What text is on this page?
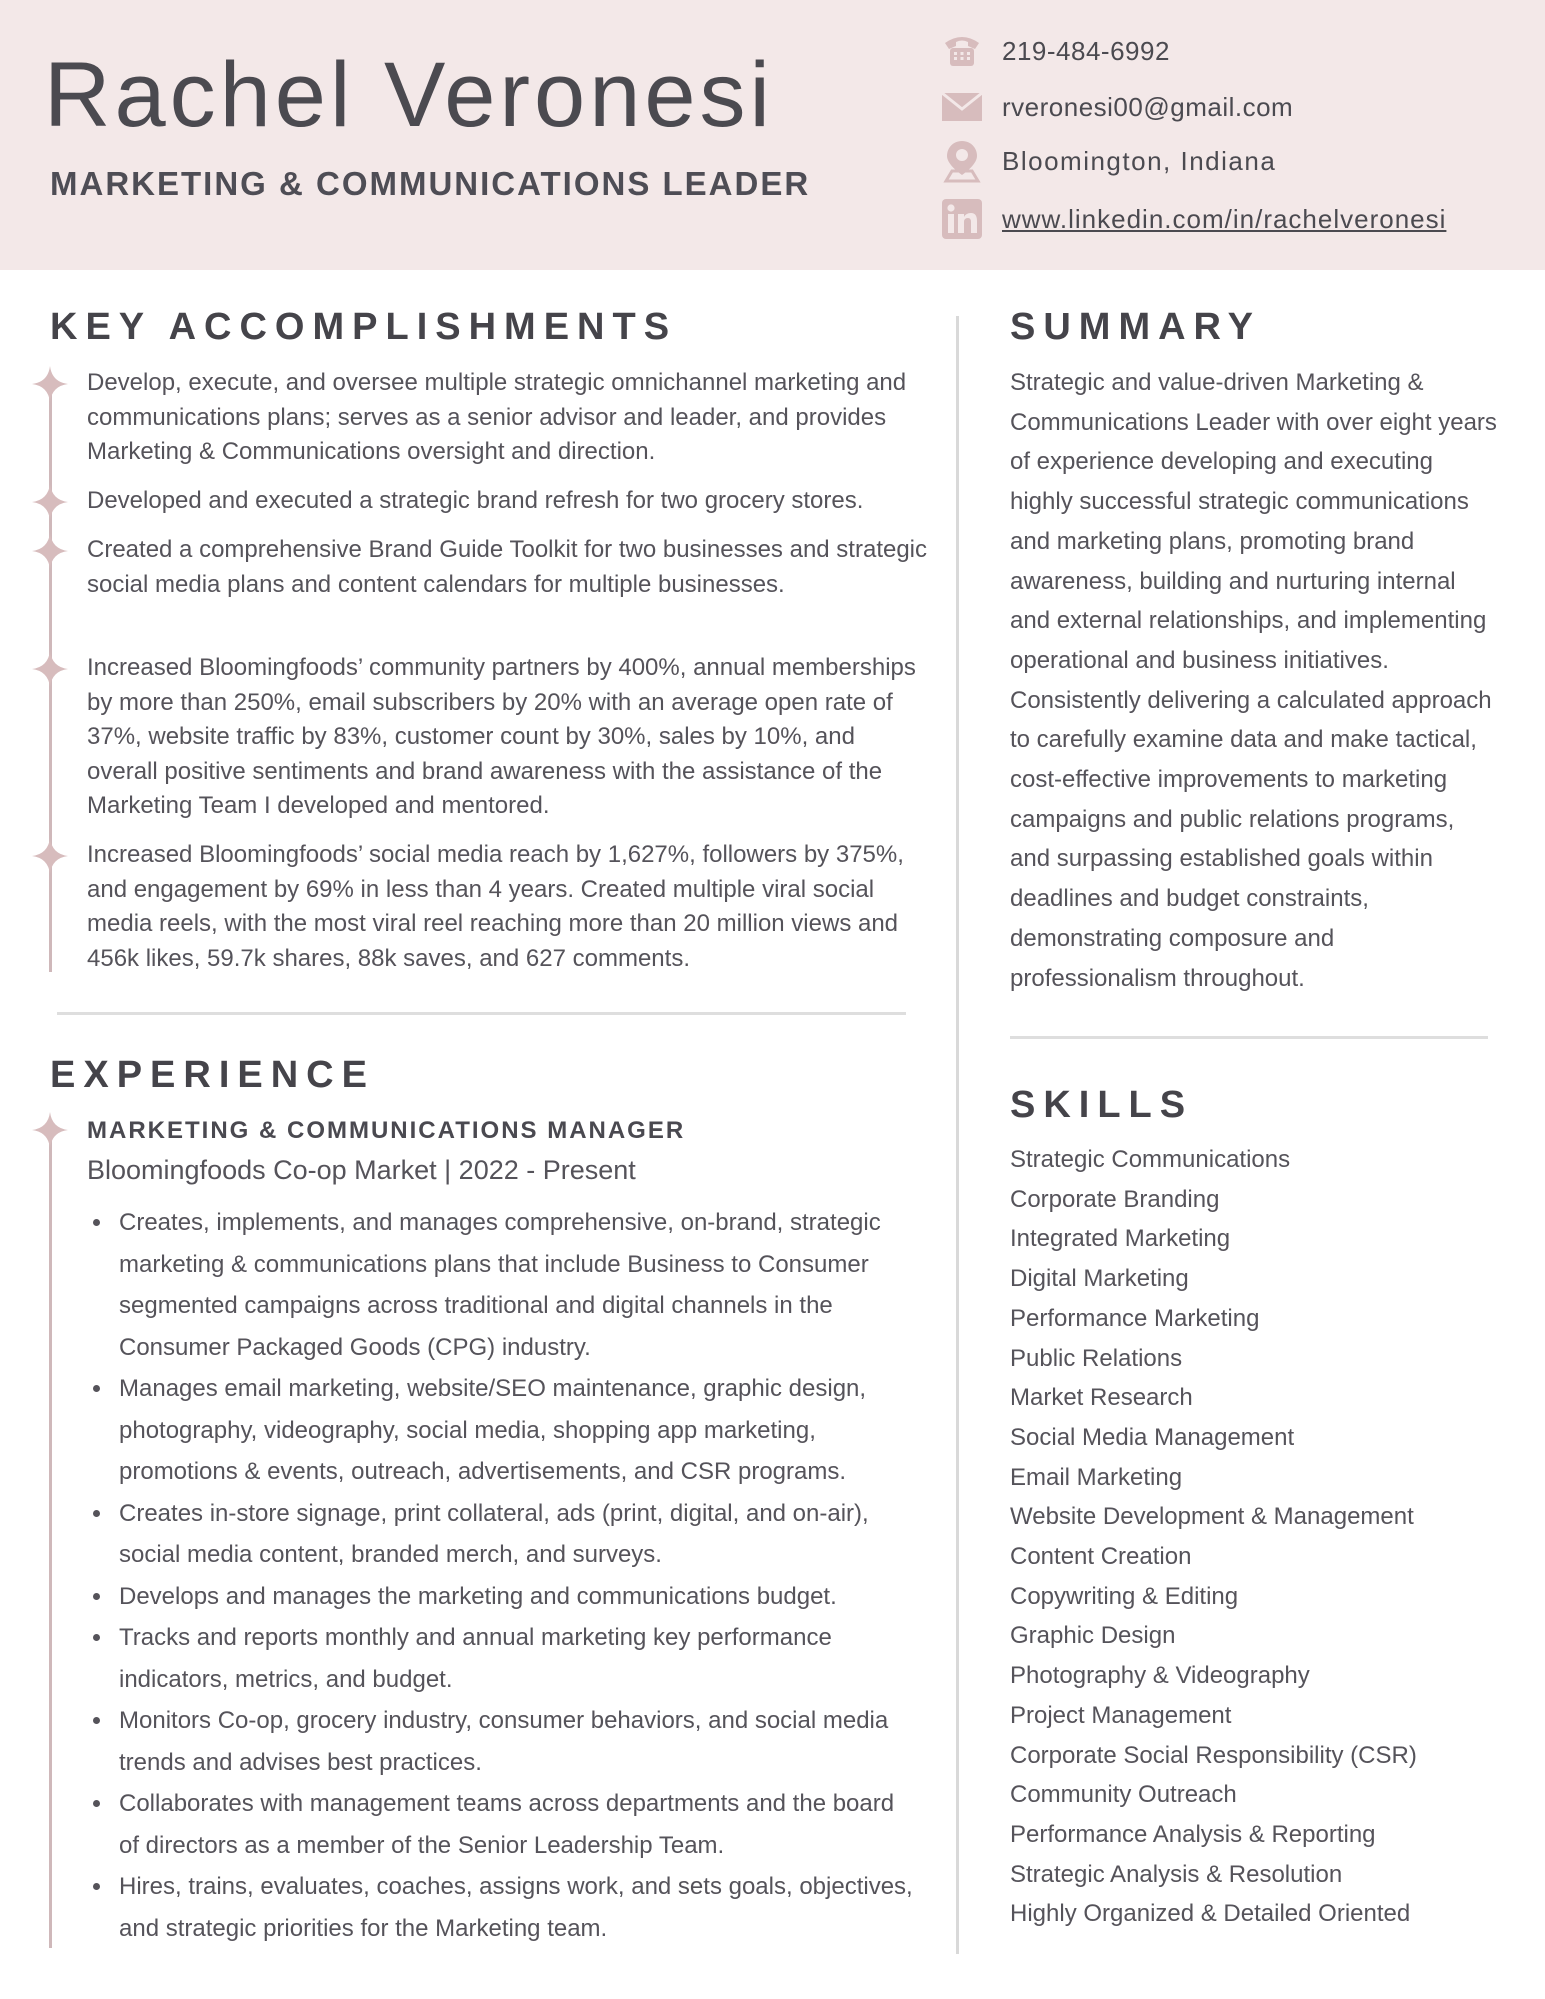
Rachel Veronesi
MARKETING & COMMUNICATIONS LEADER
219-484-6992
rveronesi00@gmail.com
Bloomington, Indiana
www.linkedin.com/in/rachelveronesi
KEY ACCOMPLISHMENTS
Develop, execute, and oversee multiple strategic omnichannel marketing and communications plans; serves as a senior advisor and leader, and provides Marketing & Communications oversight and direction.
Developed and executed a strategic brand refresh for two grocery stores.
Created a comprehensive Brand Guide Toolkit for two businesses and strategic social media plans and content calendars for multiple businesses.
Increased Bloomingfoods’ community partners by 400%, annual memberships by more than 250%, email subscribers by 20% with an average open rate of 37%, website traffic by 83%, customer count by 30%, sales by 10%, and overall positive sentiments and brand awareness with the assistance of the Marketing Team I developed and mentored.
Increased Bloomingfoods’ social media reach by 1,627%, followers by 375%, and engagement by 69% in less than 4 years. Created multiple viral social media reels, with the most viral reel reaching more than 20 million views and 456k likes, 59.7k shares, 88k saves, and 627 comments.
SUMMARY
Strategic and value-driven Marketing & Communications Leader with over eight years of experience developing and executing highly successful strategic communications and marketing plans, promoting brand awareness, building and nurturing internal and external relationships, and implementing operational and business initiatives. Consistently delivering a calculated approach to carefully examine data and make tactical, cost-effective improvements to marketing campaigns and public relations programs, and surpassing established goals within deadlines and budget constraints, demonstrating composure and professionalism throughout.
SKILLS
Strategic Communications
Corporate Branding
Integrated Marketing
Digital Marketing
Performance Marketing
Public Relations
Market Research
Social Media Management
Email Marketing
Website Development & Management
Content Creation
Copywriting & Editing
Graphic Design
Photography & Videography
Project Management
Corporate Social Responsibility (CSR)
Community Outreach
Performance Analysis & Reporting
Strategic Analysis & Resolution
Highly Organized & Detailed Oriented
EXPERIENCE
MARKETING & COMMUNICATIONS MANAGER
Bloomingfoods Co-op Market | 2022 - Present
Creates, implements, and manages comprehensive, on-brand, strategic marketing & communications plans that include Business to Consumer segmented campaigns across traditional and digital channels in the Consumer Packaged Goods (CPG) industry.
Manages email marketing, website/SEO maintenance, graphic design, photography, videography, social media, shopping app marketing, promotions & events, outreach, advertisements, and CSR programs.
Creates in-store signage, print collateral, ads (print, digital, and on-air), social media content, branded merch, and surveys.
Develops and manages the marketing and communications budget.
Tracks and reports monthly and annual marketing key performance indicators, metrics, and budget.
Monitors Co-op, grocery industry, consumer behaviors, and social media trends and advises best practices.
Collaborates with management teams across departments and the board of directors as a member of the Senior Leadership Team.
Hires, trains, evaluates, coaches, assigns work, and sets goals, objectives, and strategic priorities for the Marketing team.
